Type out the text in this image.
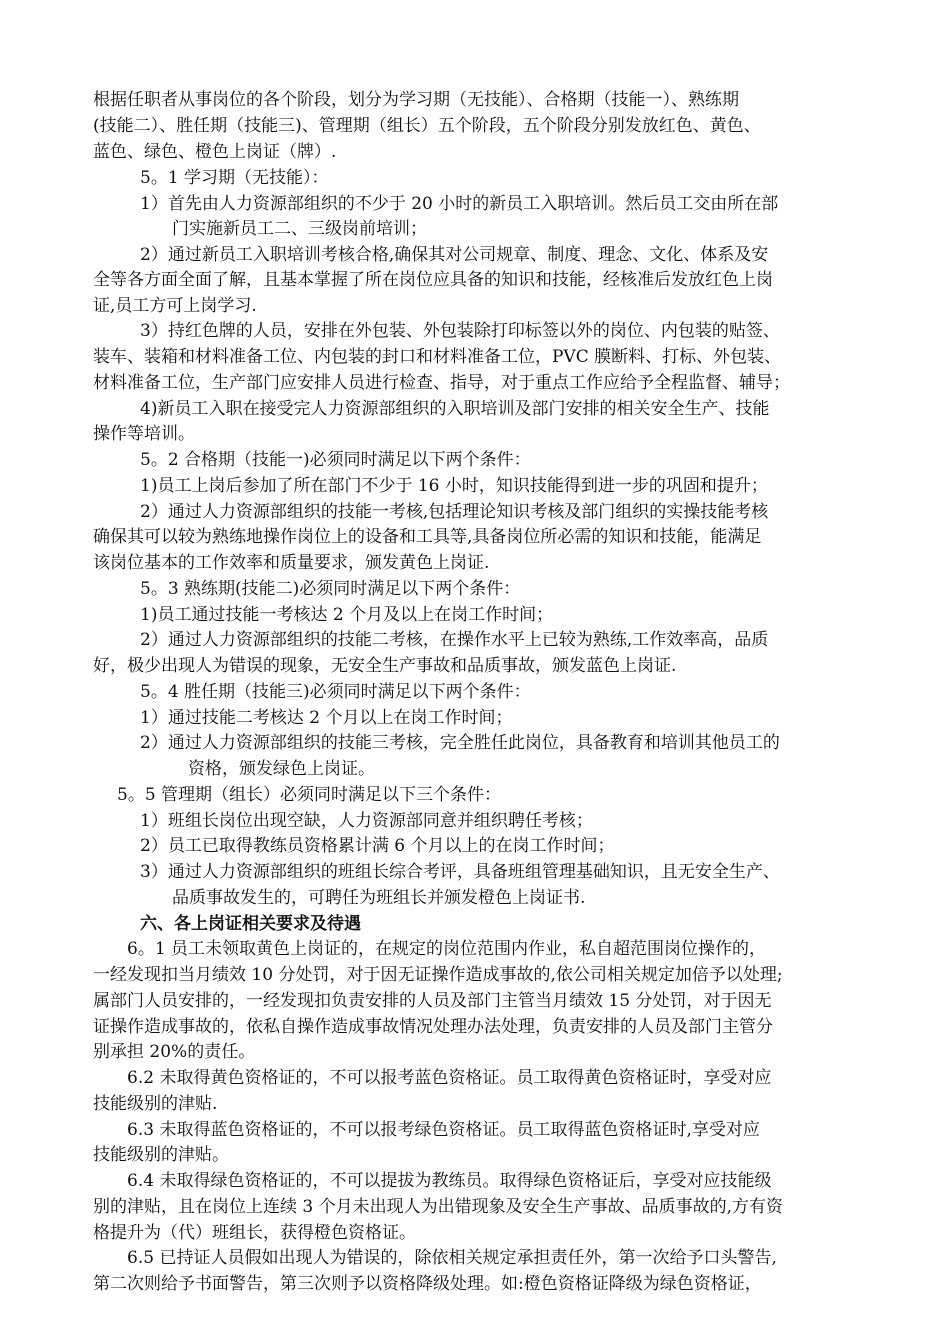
根据任职者从事岗位的各个阶段，划分为学习期（无技能）、合格期（技能一）、熟练期
(技能二）、胜任期（技能三)、管理期（组长）五个阶段，五个阶段分别发放红色、黄色、
蓝色、绿色、橙色上岗证（牌）.
5。1 学习期（无技能）：
1）首先由人力资源部组织的不少于 20 小时的新员工入职培训。然后员工交由所在部
门实施新员工二、三级岗前培训；
2）通过新员工入职培训考核合格,确保其对公司规章、制度、理念、文化、体系及安
全等各方面全面了解，且基本掌握了所在岗位应具备的知识和技能，经核准后发放红色上岗
证,员工方可上岗学习.
3）持红色牌的人员，安排在外包装、外包装除打印标签以外的岗位、内包装的贴签、
装车、装箱和材料准备工位、内包装的封口和材料准备工位，PVC 膜断料、打标、外包装、
材料准备工位，生产部门应安排人员进行检查、指导，对于重点工作应给予全程监督、辅导；
4)新员工入职在接受完人力资源部组织的入职培训及部门安排的相关安全生产、技能
操作等培训。
5。2 合格期（技能一)必须同时满足以下两个条件：
1)员工上岗后参加了所在部门不少于 16 小时，知识技能得到进一步的巩固和提升；
2）通过人力资源部组织的技能一考核,包括理论知识考核及部门组织的实操技能考核
确保其可以较为熟练地操作岗位上的设备和工具等,具备岗位所必需的知识和技能，能满足
该岗位基本的工作效率和质量要求，颁发黄色上岗证.
5。3 熟练期(技能二)必须同时满足以下两个条件：
1)员工通过技能一考核达 2 个月及以上在岗工作时间；
2）通过人力资源部组织的技能二考核，在操作水平上已较为熟练,工作效率高，品质
好，极少出现人为错误的现象，无安全生产事故和品质事故，颁发蓝色上岗证.
5。4 胜任期（技能三)必须同时满足以下两个条件：
1）通过技能二考核达 2 个月以上在岗工作时间；
2）通过人力资源部组织的技能三考核，完全胜任此岗位，具备教育和培训其他员工的
资格，颁发绿色上岗证。
5。5 管理期（组长）必须同时满足以下三个条件：
1）班组长岗位出现空缺，人力资源部同意并组织聘任考核；
2）员工已取得教练员资格累计满 6 个月以上的在岗工作时间；
3）通过人力资源部组织的班组长综合考评，具备班组管理基础知识，且无安全生产、
品质事故发生的，可聘任为班组长并颁发橙色上岗证书.
六、各上岗证相关要求及待遇
6。1 员工未领取黄色上岗证的，在规定的岗位范围内作业，私自超范围岗位操作的，
一经发现扣当月绩效 10 分处罚，对于因无证操作造成事故的,依公司相关规定加倍予以处理;
属部门人员安排的，一经发现扣负责安排的人员及部门主管当月绩效 15 分处罚，对于因无
证操作造成事故的，依私自操作造成事故情况处理办法处理，负责安排的人员及部门主管分
别承担 20%的责任。
6.2 未取得黄色资格证的，不可以报考蓝色资格证。员工取得黄色资格证时，享受对应
技能级别的津贴.
6.3 未取得蓝色资格证的，不可以报考绿色资格证。员工取得蓝色资格证时,享受对应
技能级别的津贴。
6.4 未取得绿色资格证的，不可以提拔为教练员。取得绿色资格证后，享受对应技能级
别的津贴，且在岗位上连续 3 个月未出现人为出错现象及安全生产事故、品质事故的,方有资
格提升为（代）班组长，获得橙色资格证。
6.5 已持证人员假如出现人为错误的，除依相关规定承担责任外，第一次给予口头警告,
第二次则给予书面警告，第三次则予以资格降级处理。如:橙色资格证降级为绿色资格证，
